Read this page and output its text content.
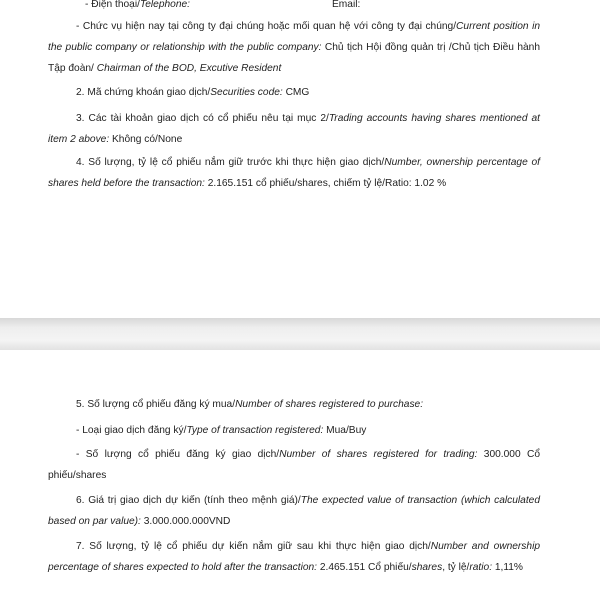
- Điện thoại/Telephone:	Email:
- Chức vụ hiện nay tại công ty đại chúng hoặc mối quan hệ với công ty đại chúng/Current position in the public company or relationship with the public company: Chủ tịch Hội đồng quản trị /Chủ tịch Điều hành Tập đoàn/ Chairman of the BOD, Excutive Resident
2. Mã chứng khoán giao dịch/Securities code: CMG
3. Các tài khoản giao dịch có cổ phiếu nêu tại mục 2/Trading accounts having shares mentioned at item 2 above: Không có/None
4. Số lượng, tỷ lệ cổ phiếu nắm giữ trước khi thực hiện giao dịch/Number, ownership percentage of shares held before the transaction: 2.165.151 cổ phiếu/shares, chiếm tỷ lệ/Ratio: 1.02 %
5. Số lượng cổ phiếu đăng ký mua/Number of shares registered to purchase:
- Loại giao dịch đăng ký/Type of transaction registered: Mua/Buy
- Số lượng cổ phiếu đăng ký giao dịch/Number of shares registered for trading: 300.000 Cổ phiếu/shares
6. Giá trị giao dịch dự kiến (tính theo mệnh giá)/The expected value of transaction (which calculated based on par value): 3.000.000.000VND
7. Số lượng, tỷ lệ cổ phiếu dự kiến nắm giữ sau khi thực hiện giao dịch/Number and ownership percentage of shares expected to hold after the transaction: 2.465.151 Cổ phiếu/shares, tỷ lệ/ratio: 1,11%
